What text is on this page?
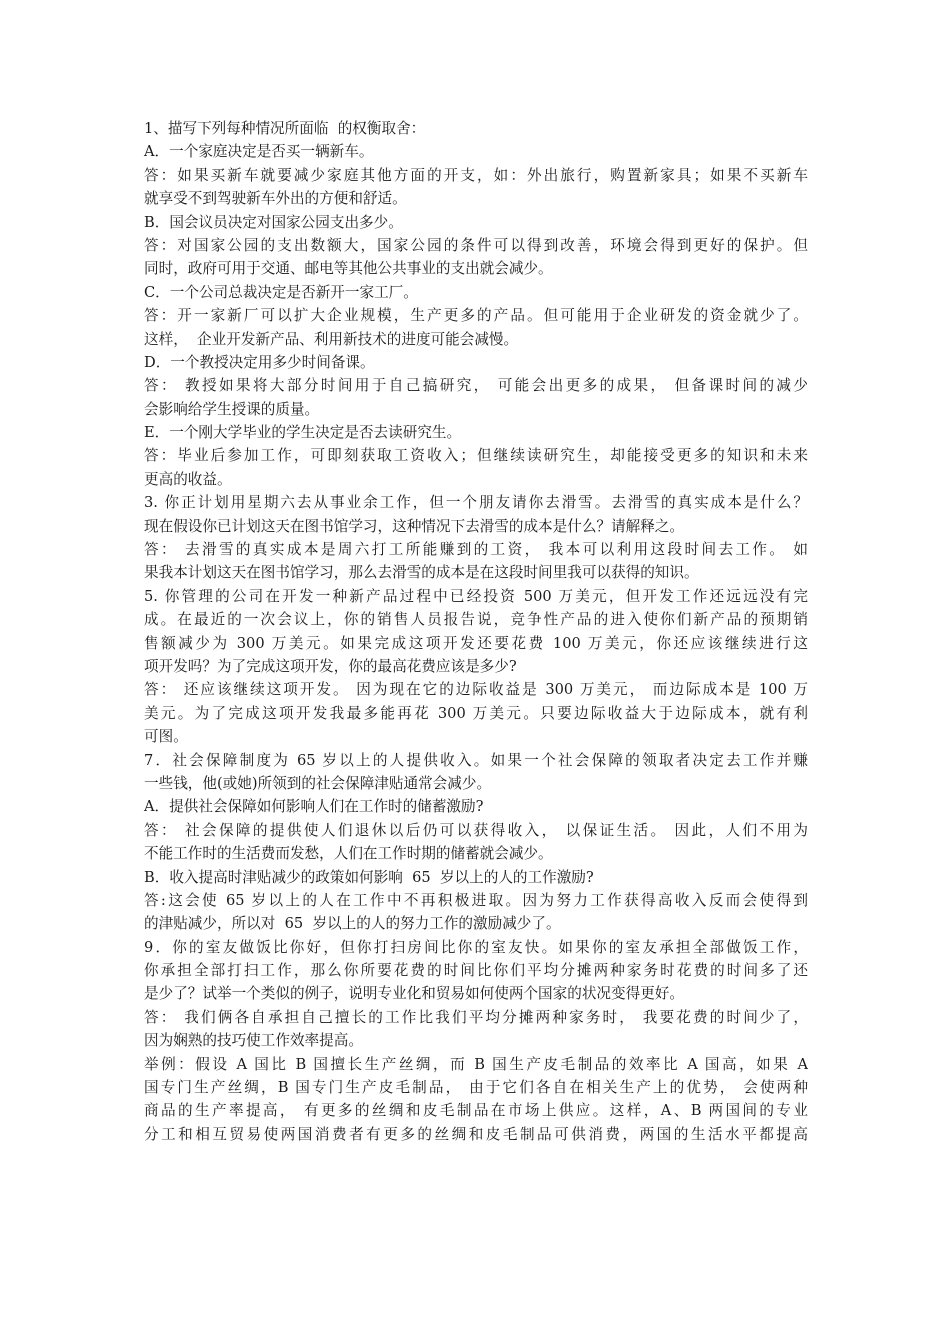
1、描写下列每种情况所面临  的权衡取舍：
A．一个家庭决定是否买一辆新车。
答：如果买新车就要减少家庭其他方面的开支，如：外出旅行，购置新家具；如果不买新车
就享受不到驾驶新车外出的方便和舒适。
B．国会议员决定对国家公园支出多少。
答：对国家公园的支出数额大，国家公园的条件可以得到改善，环境会得到更好的保护。但
同时，政府可用于交通、邮电等其他公共事业的支出就会减少。
C．一个公司总裁决定是否新开一家工厂。
答：开一家新厂可以扩大企业规模，生产更多的产品。但可能用于企业研发的资金就少了。
这样，  企业开发新产品、利用新技术的进度可能会减慢。
D．一个教授决定用多少时间备课。
答： 教授如果将大部分时间用于自己搞研究， 可能会出更多的成果， 但备课时间的减少
会影响给学生授课的质量。
E．一个刚大学毕业的学生决定是否去读研究生。
答：毕业后参加工作，可即刻获取工资收入；但继续读研究生，却能接受更多的知识和未来
更高的收益。
3. 你正计划用星期六去从事业余工作，但一个朋友请你去滑雪。去滑雪的真实成本是什么？
现在假设你已计划这天在图书馆学习，这种情况下去滑雪的成本是什么？请解释之。
答： 去滑雪的真实成本是周六打工所能赚到的工资， 我本可以利用这段时间去工作。 如
果我本计划这天在图书馆学习，那么去滑雪的成本是在这段时间里我可以获得的知识。
5. 你管理的公司在开发一种新产品过程中已经投资 500 万美元，但开发工作还远远没有完
成。在最近的一次会议上，你的销售人员报告说，竞争性产品的进入使你们新产品的预期销
售额减少为 300 万美元。如果完成这项开发还要花费 100 万美元，你还应该继续进行这
项开发吗？为了完成这项开发，你的最高花费应该是多少?
答： 还应该继续这项开发。 因为现在它的边际收益是 300 万美元， 而边际成本是 100 万
美元。为了完成这项开发我最多能再花 300 万美元。只要边际收益大于边际成本，就有利
可图。
7．社会保障制度为 65 岁以上的人提供收入。如果一个社会保障的领取者决定去工作并赚
一些钱，他(或她)所领到的社会保障津贴通常会减少。
A．提供社会保障如何影响人们在工作时的储蓄激励?
答： 社会保障的提供使人们退休以后仍可以获得收入， 以保证生活。 因此，人们不用为
不能工作时的生活费而发愁，人们在工作时期的储蓄就会减少。
B．收入提高时津贴减少的政策如何影响  65  岁以上的人的工作激励?
答:这会使 65 岁以上的人在工作中不再积极进取。因为努力工作获得高收入反而会使得到
的津贴减少，所以对  65  岁以上的人的努力工作的激励减少了。
9．你的室友做饭比你好，但你打扫房间比你的室友快。如果你的室友承担全部做饭工作，
你承担全部打扫工作，那么你所要花费的时间比你们平均分摊两种家务时花费的时间多了还
是少了？试举一个类似的例子，说明专业化和贸易如何使两个国家的状况变得更好。
答： 我们俩各自承担自己擅长的工作比我们平均分摊两种家务时， 我要花费的时间少了，
因为娴熟的技巧使工作效率提高。
举例：假设 A 国比 B 国擅长生产丝绸，而 B 国生产皮毛制品的效率比 A 国高，如果 A
国专门生产丝绸，B 国专门生产皮毛制品， 由于它们各自在相关生产上的优势， 会使两种
商品的生产率提高， 有更多的丝绸和皮毛制品在市场上供应。这样，A、B 两国间的专业
分工和相互贸易使两国消费者有更多的丝绸和皮毛制品可供消费，两国的生活水平都提高
